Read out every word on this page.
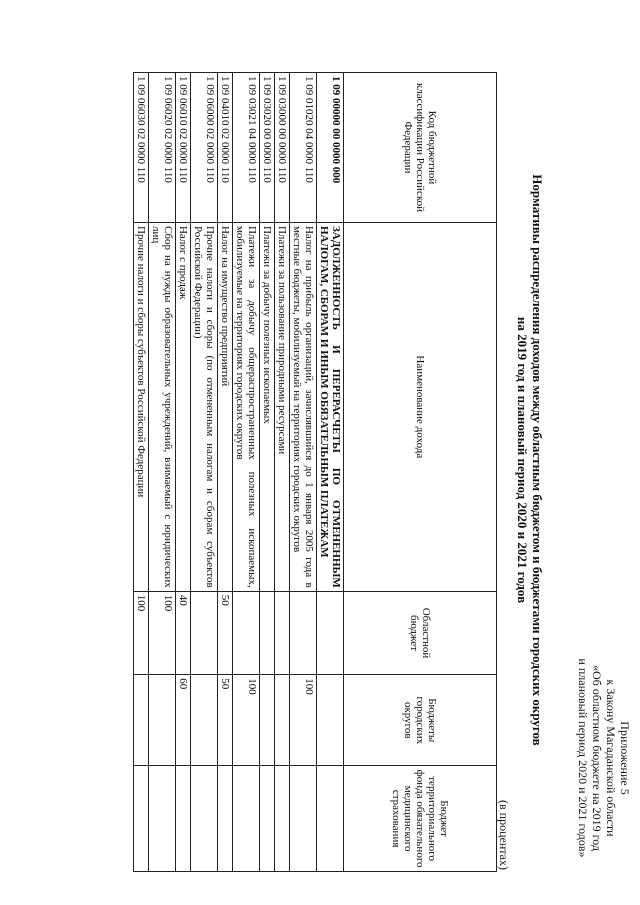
Приложение 5
к Закону Магаданской области
«Об областном бюджете на 2019 год
и плановый период 2020 и 2021 годов»
Нормативы распределения доходов между областным бюджетом и бюджетами городских округов
на 2019 год и плановый период 2020 и 2021 годов
(в процентах)
Код бюджетной классификации Российской Федерации	Наименование дохода	Областной бюджет	Бюджеты городских округов	Бюджет территориального фонда обязательного медицинского страхования
1 09 00000 00 0000 000	ЗАДОЛЖЕННОСТЬ И ПЕРЕРАСЧЕТЫ ПО ОТМЕНЕННЫМ НАЛОГАМ, СБОРАМ И ИНЫМ ОБЯЗАТЕЛЬНЫМ ПЛАТЕЖАМ			
1 09 01020 04 0000 110	Налог на прибыль организаций, зачислявшийся до 1 января 2005 года в местные бюджеты, мобилизуемый на территориях городских округов		100	
1 09 03000 00 0000 110	Платежи за пользование природными ресурсами			
1 09 03020 00 0000 110	Платежи за добычу полезных ископаемых			
1 09 03021 04 0000 110	Платежи за добычу общераспространенных полезных ископаемых, мобилизуемые на территориях городских округов		100	
1 09 04010 02 0000 110	Налог на имущество предприятий	50	50	
1 09 06000 02 0000 110	Прочие налоги и сборы (по отмененным налогам и сборам субъектов Российской Федерации)			
1 09 06010 02 0000 110	Налог с продаж	40	60	
1 09 06020 02 0000 110	Сбор на нужды образовательных учреждений, взимаемый с юридических лиц	100		
1 09 06030 02 0000 110	Прочие налоги и сборы субъектов Российской Федерации	100		
